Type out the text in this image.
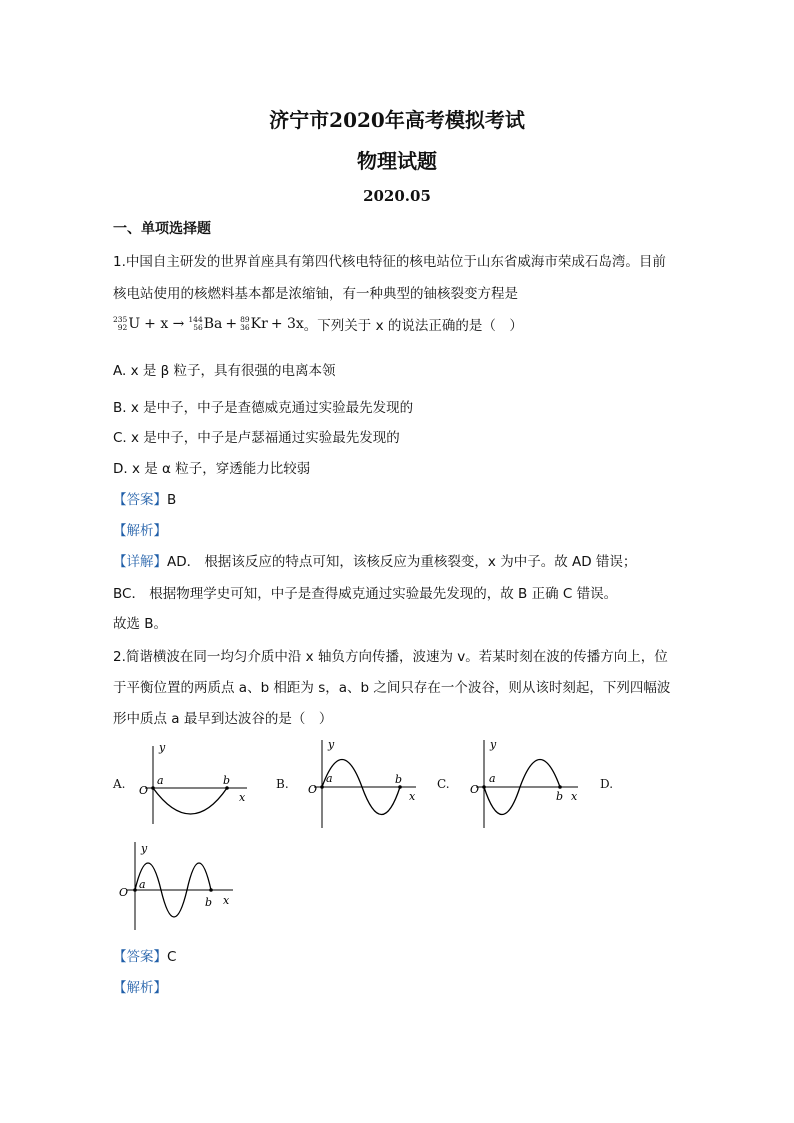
济宁市2020年高考模拟考试
物理试题
2020.05
一、单项选择题
1.中国自主研发的世界首座具有第四代核电特征的核电站位于山东省威海市荣成石岛湾。目前
核电站使用的核燃料基本都是浓缩铀，有一种典型的铀核裂变方程是
235
92 U + x → 144
56 Ba + 89
36 Kr + 3x 。下列关于 x 的说法正确的是（　）
A. x 是 β 粒子，具有很强的电离本领
B. x 是中子，中子是查德威克通过实验最先发现的
C. x 是中子，中子是卢瑟福通过实验最先发现的
D. x 是 α 粒子，穿透能力比较弱
【答案】B
【解析】
【详解】AD． 根据该反应的特点可知，该核反应为重核裂变，x 为中子。故 AD 错误；
BC． 根据物理学史可知，中子是查得威克通过实验最先发现的，故 B 正确 C 错误。
故选 B。
2.简谐横波在同一均匀介质中沿 x 轴负方向传播，波速为 v。若某时刻在波的传播方向上，位
于平衡位置的两质点 a、b 相距为 s，a、b 之间只存在一个波谷，则从该时刻起，下列四幅波
形中质点 a 最早到达波谷的是（　）
A.	B.	C.	D.
O
y
x
a	b
O
y
x
a	b
O
y
x
a
b
O
y
x
a
b
【答案】C
【解析】
